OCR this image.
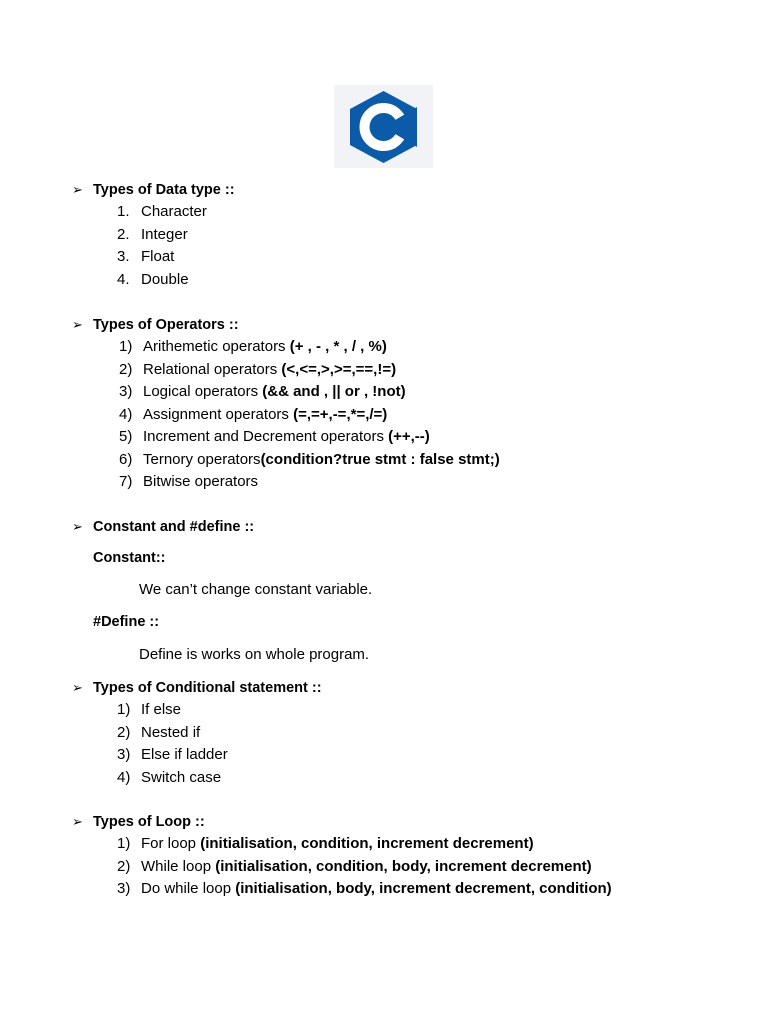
➢ Types of Data type ::
1. Character
2. Integer
3. Float
4. Double
➢ Types of Operators ::
1) Arithemetic operators (+ , - , * , / , %)
2) Relational operators (<,<=,>,>=,==,!=)
3) Logical operators (&& and , || or , !not)
4) Assignment operators (=,=+,-=,*=,/=)
5) Increment and Decrement operators (++,--)
6) Ternory operators(condition?true stmt : false stmt;)
7) Bitwise operators
➢ Constant and #define ::
Constant::
We can’t change constant variable.
#Define ::
Define is works on whole program.
➢ Types of Conditional statement ::
1) If else
2) Nested if
3) Else if ladder
4) Switch case
➢ Types of Loop ::
1) For loop (initialisation, condition, increment decrement)
2) While loop (initialisation, condition, body, increment decrement)
3) Do while loop (initialisation, body, increment decrement, condition)
